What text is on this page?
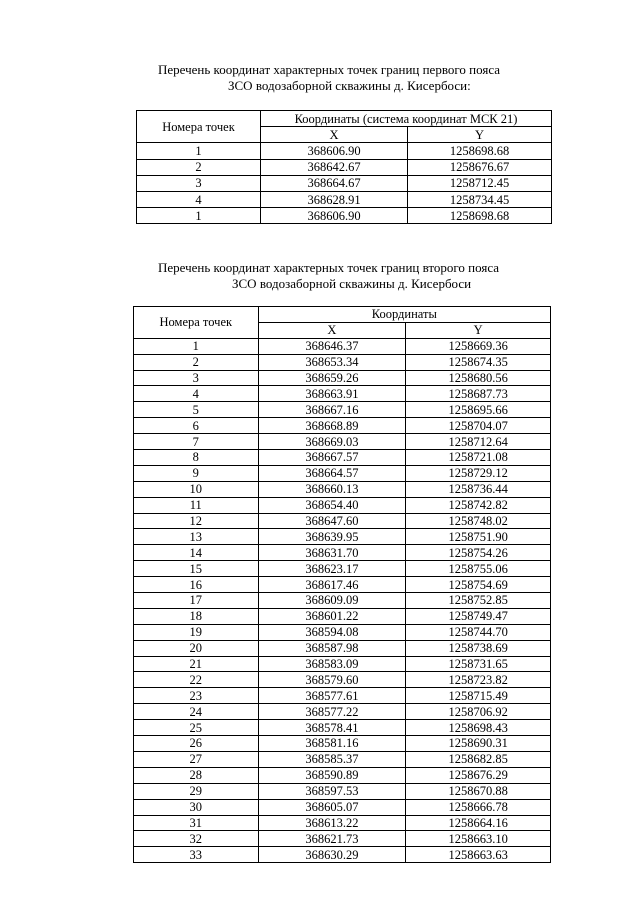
Перечень координат характерных точек границ первого пояса
ЗСО водозаборной скважины д. Кисербоси:
Номера точек	Координаты (система координат МСК 21)	
	X	Y
1	368606.90	1258698.68
2	368642.67	1258676.67
3	368664.67	1258712.45
4	368628.91	1258734.45
1	368606.90	1258698.68
Перечень координат характерных точек границ второго пояса
ЗСО водозаборной скважины д. Кисербоси
Номера точек	Координаты	
	X	Y
1	368646.37	1258669.36
2	368653.34	1258674.35
3	368659.26	1258680.56
4	368663.91	1258687.73
5	368667.16	1258695.66
6	368668.89	1258704.07
7	368669.03	1258712.64
8	368667.57	1258721.08
9	368664.57	1258729.12
10	368660.13	1258736.44
11	368654.40	1258742.82
12	368647.60	1258748.02
13	368639.95	1258751.90
14	368631.70	1258754.26
15	368623.17	1258755.06
16	368617.46	1258754.69
17	368609.09	1258752.85
18	368601.22	1258749.47
19	368594.08	1258744.70
20	368587.98	1258738.69
21	368583.09	1258731.65
22	368579.60	1258723.82
23	368577.61	1258715.49
24	368577.22	1258706.92
25	368578.41	1258698.43
26	368581.16	1258690.31
27	368585.37	1258682.85
28	368590.89	1258676.29
29	368597.53	1258670.88
30	368605.07	1258666.78
31	368613.22	1258664.16
32	368621.73	1258663.10
33	368630.29	1258663.63
